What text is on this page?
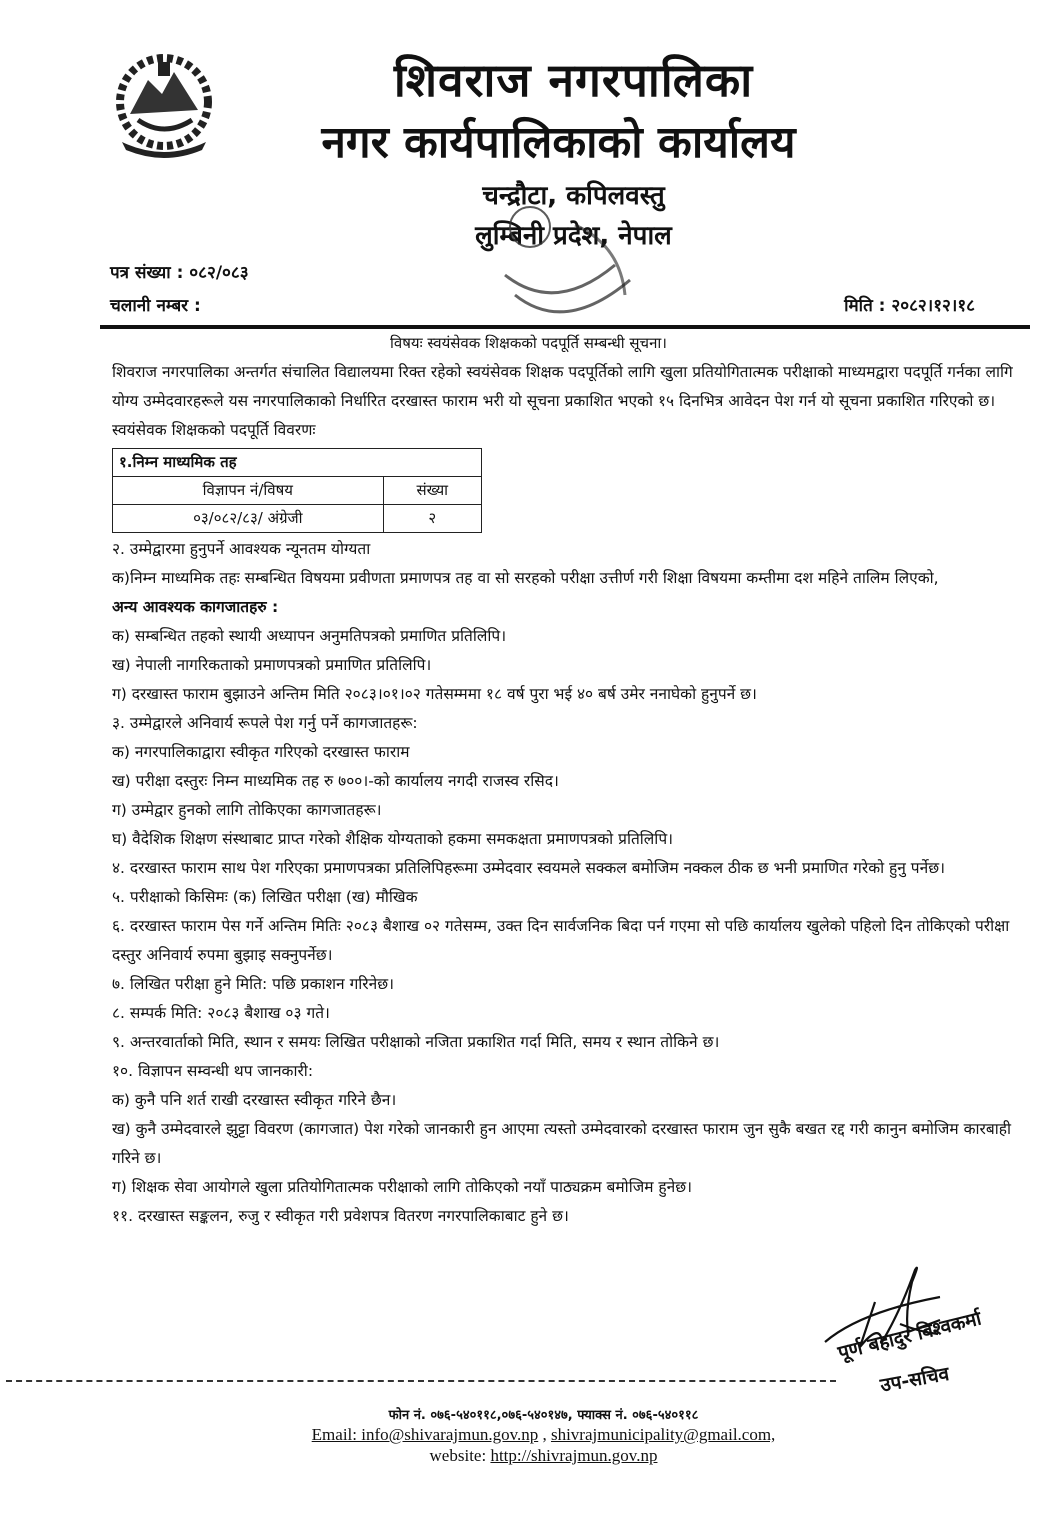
शिवराज नगरपालिका
नगर कार्यपालिकाको कार्यालय
चन्द्रौटा, कपिलवस्तु
लुम्बिनी प्रदेश, नेपाल
पत्र संख्या : ०८२/०८३
चलानी नम्बर :	मिति : २०८२।१२।१८
विषयः स्वयंसेवक शिक्षकको पदपूर्ति सम्बन्धी सूचना।

शिवराज नगरपालिका अन्तर्गत संचालित विद्यालयमा रिक्त रहेको स्वयंसेवक शिक्षक पदपूर्तिको लागि खुला प्रतियोगितात्मक परीक्षाको माध्यमद्वारा पदपूर्ति गर्नका लागि योग्य उम्मेदवारहरूले यस नगरपालिकाको निर्धारित दरखास्त फाराम भरी यो सूचना प्रकाशित भएको १५ दिनभित्र आवेदन पेश गर्न यो सूचना प्रकाशित गरिएको छ।

स्वयंसेवक शिक्षकको पदपूर्ति विवरणः

१.निम्न माध्यमिक तह	
विज्ञापन नं/विषय	संख्या
०३/०८२/८३/ अंग्रेजी	२

२. उम्मेद्वारमा हुनुपर्ने आवश्यक न्यूनतम योग्यता

क)निम्न माध्यमिक तहः सम्बन्धित विषयमा प्रवीणता प्रमाणपत्र तह वा सो सरहको परीक्षा उत्तीर्ण गरी शिक्षा विषयमा कम्तीमा दश महिने तालिम लिएको,

अन्य आवश्यक कागजातहरु :

क) सम्बन्धित तहको स्थायी अध्यापन अनुमतिपत्रको प्रमाणित प्रतिलिपि।

ख) नेपाली नागरिकताको प्रमाणपत्रको प्रमाणित प्रतिलिपि।

ग) दरखास्त फाराम बुझाउने अन्तिम मिति २०८३।०१।०२ गतेसम्ममा १८ वर्ष पुरा भई ४० बर्ष उमेर ननाघेको हुनुपर्ने छ।

३. उम्मेद्वारले अनिवार्य रूपले पेश गर्नु पर्ने कागजातहरू:

क) नगरपालिकाद्वारा स्वीकृत गरिएको दरखास्त फाराम

ख) परीक्षा दस्तुरः निम्न माध्यमिक तह रु ७००।-को कार्यालय नगदी राजस्व रसिद।

ग) उम्मेद्वार हुनको लागि तोकिएका कागजातहरू।

घ) वैदेशिक शिक्षण संस्थाबाट प्राप्त गरेको शैक्षिक योग्यताको हकमा समकक्षता प्रमाणपत्रको प्रतिलिपि।

४. दरखास्त फाराम साथ पेश गरिएका प्रमाणपत्रका प्रतिलिपिहरूमा उम्मेदवार स्वयमले सक्कल बमोजिम नक्कल ठीक छ भनी प्रमाणित गरेको हुनु पर्नेछ।

५. परीक्षाको किसिमः (क) लिखित परीक्षा (ख) मौखिक

६. दरखास्त फाराम पेस गर्ने अन्तिम मितिः २०८३ बैशाख ०२ गतेसम्म, उक्त दिन सार्वजनिक बिदा पर्न गएमा सो पछि कार्यालय खुलेको पहिलो दिन तोकिएको परीक्षा दस्तुर अनिवार्य रुपमा बुझाइ सक्नुपर्नेछ।

७. लिखित परीक्षा हुने मिति: पछि प्रकाशन गरिनेछ।

८. सम्पर्क मिति: २०८३ बैशाख ०३ गते।

९. अन्तरवार्ताको मिति, स्थान र समयः लिखित परीक्षाको नजिता प्रकाशित गर्दा मिति, समय र स्थान तोकिने छ।

१०. विज्ञापन सम्वन्धी थप जानकारी:

क) कुनै पनि शर्त राखी दरखास्त स्वीकृत गरिने छैन।

ख) कुनै उम्मेदवारले झुट्टा विवरण (कागजात) पेश गरेको जानकारी हुन आएमा त्यस्तो उम्मेदवारको दरखास्त फाराम जुन सुकै बखत रद्द गरी कानुन बमोजिम कारबाही गरिने छ।

ग) शिक्षक सेवा आयोगले खुला प्रतियोगितात्मक परीक्षाको लागि तोकिएको नयाँ पाठ्यक्रम बमोजिम हुनेछ।

११. दरखास्त सङ्कलन, रुजु र स्वीकृत गरी प्रवेशपत्र वितरण नगरपालिकाबाट हुने छ।

पूर्ण बहादुर बिश्वकर्मा
उप-सचिव
फोन नं. ०७६-५४०११८,०७६-५४०१४७, फ्याक्स नं. ०७६-५४०११८
Email: info@shivarajmun.gov.np , shivrajmunicipality@gmail.com,
website: http://shivrajmun.gov.np
